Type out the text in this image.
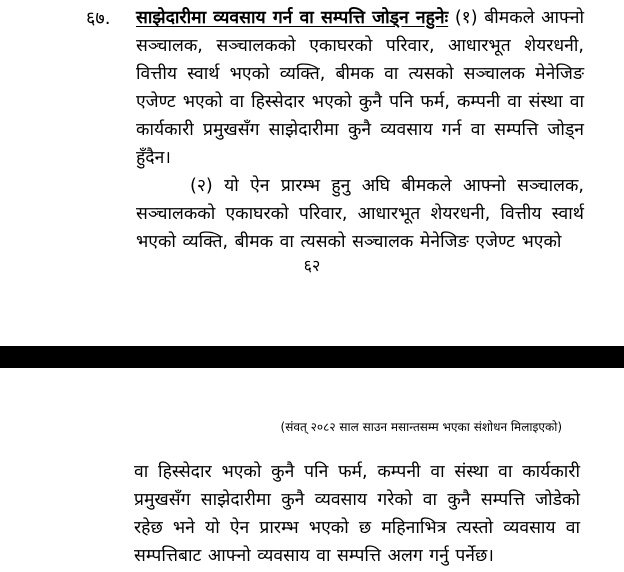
६७. साझेदारीमा व्यवसाय गर्न वा सम्पत्ति जोड्न नहुनेः (१) बीमकले आफ्नो सञ्चालक, सञ्चालकको एकाघरको परिवार, आधारभूत शेयरधनी, वित्तीय स्वार्थ भएको व्यक्ति, बीमक वा त्यसको सञ्चालक मेनेजिङ एजेण्ट भएको वा हिस्सेदार भएको कुनै पनि फर्म, कम्पनी वा संस्था वा कार्यकारी प्रमुखसँग साझेदारीमा कुनै व्यवसाय गर्न वा सम्पत्ति जोड्न हुँदैन।

(२) यो ऐन प्रारम्भ हुनु अघि बीमकले आफ्नो सञ्चालक, सञ्चालकको एकाघरको परिवार, आधारभूत शेयरधनी, वित्तीय स्वार्थ भएको व्यक्ति, बीमक वा त्यसको सञ्चालक मेनेजिङ एजेण्ट भएको

६२
(संवत् २०८२ साल साउन मसान्तसम्म भएका संशोधन मिलाइएको)

वा हिस्सेदार भएको कुनै पनि फर्म, कम्पनी वा संस्था वा कार्यकारी प्रमुखसँग साझेदारीमा कुनै व्यवसाय गरेको वा कुनै सम्पत्ति जोडेको रहेछ भने यो ऐन प्रारम्भ भएको छ महिनाभित्र त्यस्तो व्यवसाय वा सम्पत्तिबाट आफ्नो व्यवसाय वा सम्पत्ति अलग गर्नु पर्नेछ।
